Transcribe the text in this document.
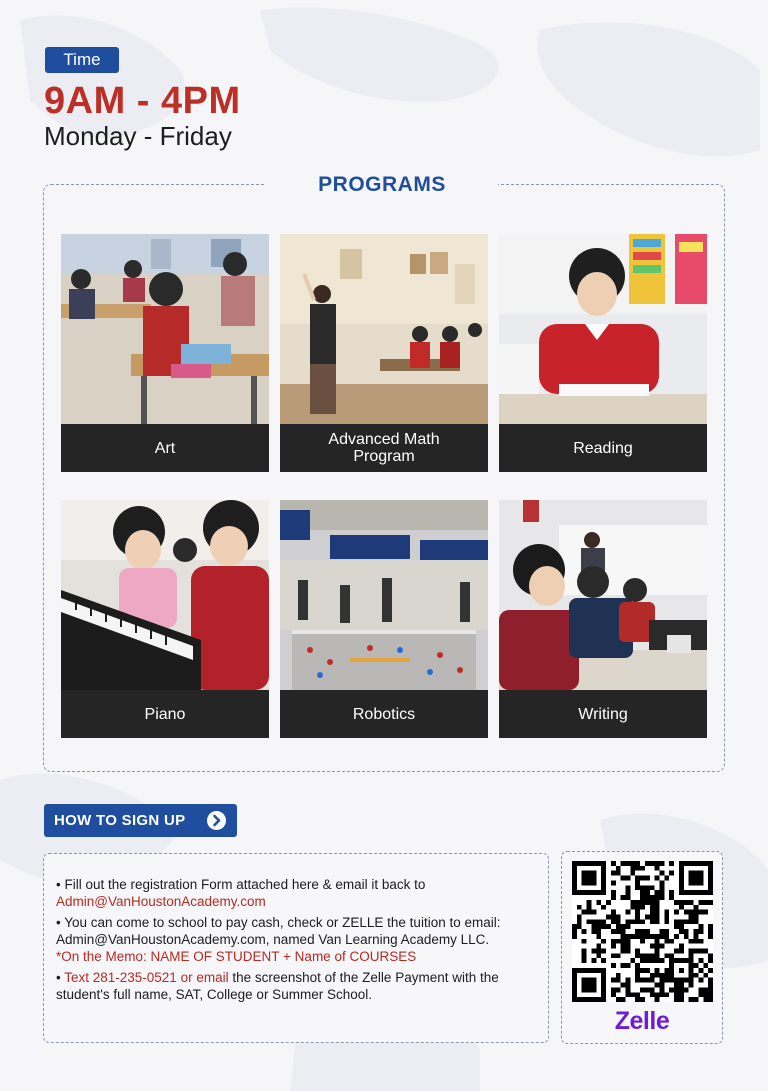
Time
9AM - 4PM
Monday - Friday
PROGRAMS
Art	Advanced Math Program	Reading
Piano	Robotics	Writing
HOW TO SIGN UP

• Fill out the registration Form attached here & email it back to
Admin@VanHoustonAcademy.com

• You can come to school to pay cash, check or ZELLE the tuition to email: Admin@VanHoustonAcademy.com, named Van Learning Academy LLC.
*On the Memo: NAME OF STUDENT + Name of COURSES

• Text 281-235-0521 or email the screenshot of the Zelle Payment with the student's full name, SAT, College or Summer School.

Zelle
